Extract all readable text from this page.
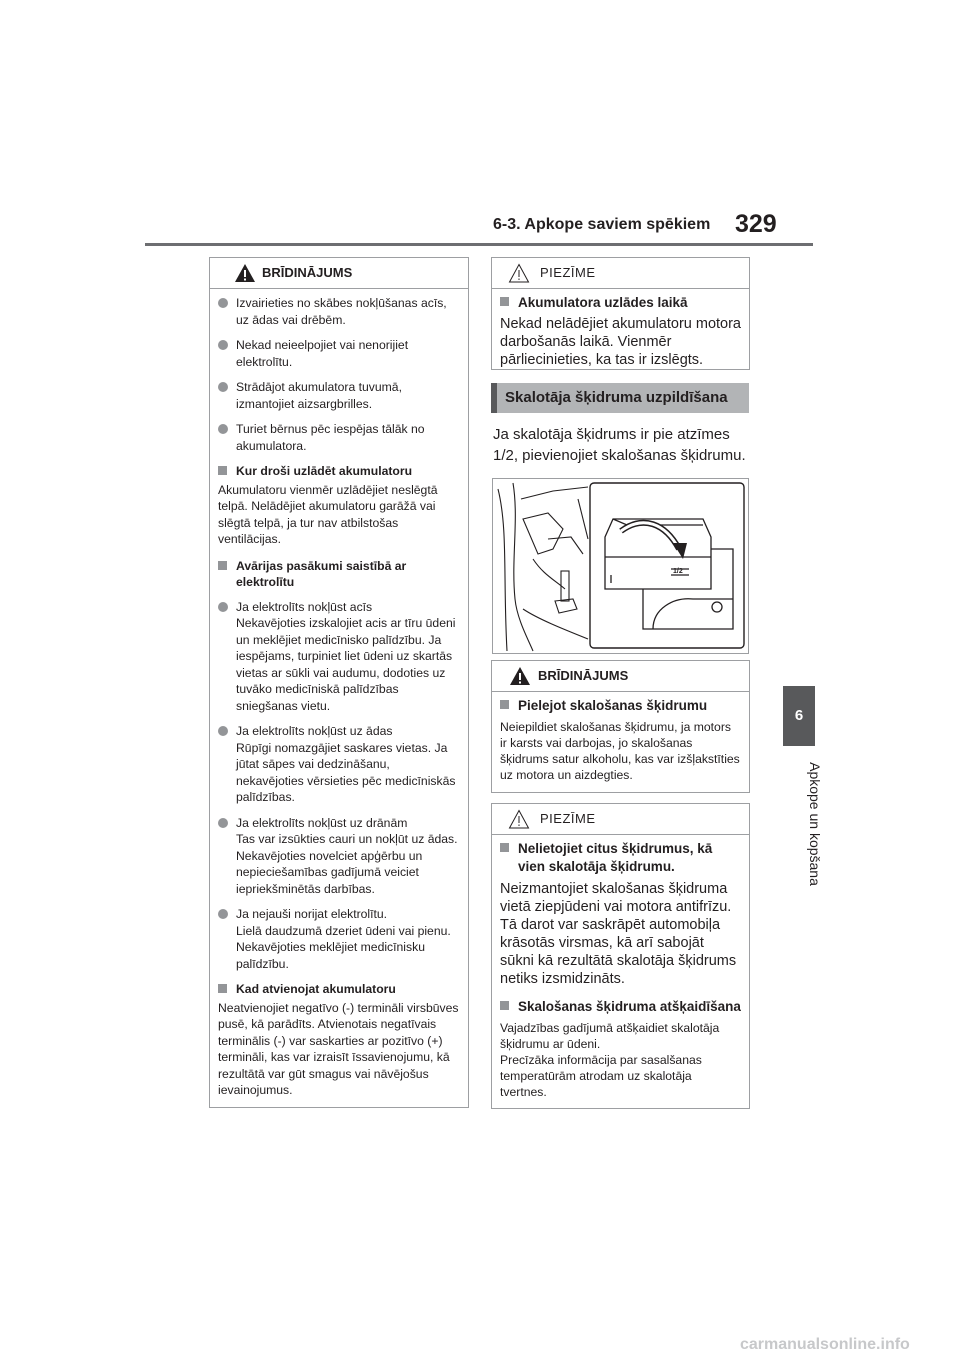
6-3. Apkope saviem spēkiem 329
6
Apkope un kopšana
BRĪDINĀJUMS
Izvairieties no skābes nokļūšanas acīs, uz ādas vai drēbēm.
Nekad neieelpojiet vai nenorijiet elektrolītu.
Strādājot akumulatora tuvumā, izmantojiet aizsargbrilles.
Turiet bērnus pēc iespējas tālāk no akumulatora.
Kur droši uzlādēt akumulatoru

Akumulatoru vienmēr uzlādējiet neslēgtā telpā. Nelādējiet akumulatoru garāžā vai slēgtā telpā, ja tur nav atbilstošas ventilācijas.

Avārijas pasākumi saistībā ar elektrolītu
Ja elektrolīts nokļūst acīs
Nekavējoties izskalojiet acis ar tīru ūdeni un meklējiet medicīnisko palīdzību. Ja iespējams, turpiniet liet ūdeni uz skartās vietas ar sūkli vai audumu, dodoties uz tuvāko medicīniskā palīdzības sniegšanas vietu.
Ja elektrolīts nokļūst uz ādas
Rūpīgi nomazgājiet saskares vietas. Ja jūtat sāpes vai dedzināšanu, nekavējoties vērsieties pēc medicīniskās palīdzības.
Ja elektrolīts nokļūst uz drānām
Tas var izsūkties cauri un nokļūt uz ādas. Nekavējoties novelciet apģērbu un nepieciešamības gadījumā veiciet iepriekšminētās darbības.
Ja nejauši norijat elektrolītu.
Lielā daudzumā dzeriet ūdeni vai pienu. Nekavējoties meklējiet medicīnisku palīdzību.
Kad atvienojat akumulatoru

Neatvienojiet negatīvo (-) termināli virsbūves pusē, kā parādīts. Atvienotais negatīvais terminālis (-) var saskarties ar pozitīvo (+) termināli, kas var izraisīt īssavienojumu, kā rezultātā var gūt smagus vai nāvējošus ievainojumus.

PIEZĪME
Akumulatora uzlādes laikā

Nekad nelādējiet akumulatoru motora darbošanās laikā. Vienmēr pārliecinieties, ka tas ir izslēgts.

Skalotāja šķidruma uzpildīšana
Ja skalotāja šķidrums ir pie atzīmes 1/2, pievienojiet skalošanas šķidrumu.
1/2
BRĪDINĀJUMS
Pielejot skalošanas šķidrumu

Neiepildiet skalošanas šķidrumu, ja motors ir karsts vai darbojas, jo skalošanas šķidrums satur alkoholu, kas var izšļakstīties uz motora un aizdegties.

PIEZĪME
Nelietojiet citus šķidrumus, kā vien skalotāja šķidrumu.

Neizmantojiet skalošanas šķidruma vietā ziepjūdeni vai motora antifrīzu. Tā darot var saskrāpēt automobiļa krāsotās virsmas, kā arī sabojāt sūkni kā rezultātā skalotāja šķidrums netiks izsmidzināts.

Skalošanas šķidruma atšķaidīšana

Vajadzības gadījumā atšķaidiet skalotāja šķidrumu ar ūdeni.

Precīzāka informācija par sasalšanas temperatūrām atrodam uz skalotāja tvertnes.

carmanualsonline.info
